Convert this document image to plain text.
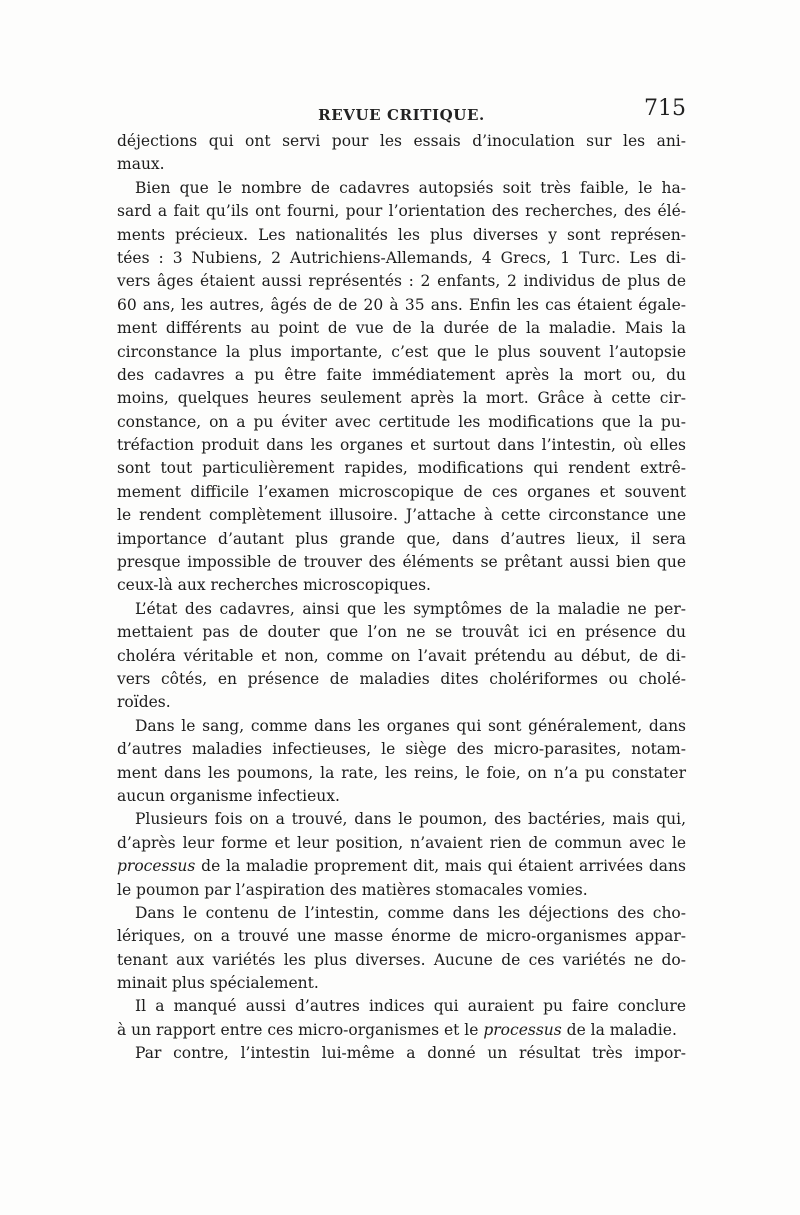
REVUE CRITIQUE.	715
déjections qui ont servi pour les essais d’inoculation sur les ani-
maux.
Bien que le nombre de cadavres autopsiés soit très faible, le ha-
sard a fait qu’ils ont fourni, pour l’orientation des recherches, des élé-
ments précieux. Les nationalités les plus diverses y sont représen-
tées : 3 Nubiens, 2 Autrichiens-Allemands, 4 Grecs, 1 Turc. Les di-
vers âges étaient aussi représentés : 2 enfants, 2 individus de plus de
60 ans, les autres, âgés de de 20 à 35 ans. Enfin les cas étaient égale-
ment différents au point de vue de la durée de la maladie. Mais la
circonstance la plus importante, c’est que le plus souvent l’autopsie
des cadavres a pu être faite immédiatement après la mort ou, du
moins, quelques heures seulement après la mort. Grâce à cette cir-
constance, on a pu éviter avec certitude les modifications que la pu-
tréfaction produit dans les organes et surtout dans l’intestin, où elles
sont tout particulièrement rapides, modifications qui rendent extrê-
mement difficile l’examen microscopique de ces organes et souvent
le rendent complètement illusoire. J’attache à cette circonstance une
importance d’autant plus grande que, dans d’autres lieux, il sera
presque impossible de trouver des éléments se prêtant aussi bien que
ceux-là aux recherches microscopiques.
L’état des cadavres, ainsi que les symptômes de la maladie ne per-
mettaient pas de douter que l’on ne se trouvât ici en présence du
choléra véritable et non, comme on l’avait prétendu au début, de di-
vers côtés, en présence de maladies dites cholériformes ou cholé-
roïdes.
Dans le sang, comme dans les organes qui sont généralement, dans
d’autres maladies infectieuses, le siège des micro-parasites, notam-
ment dans les poumons, la rate, les reins, le foie, on n’a pu constater
aucun organisme infectieux.
Plusieurs fois on a trouvé, dans le poumon, des bactéries, mais qui,
d’après leur forme et leur position, n’avaient rien de commun avec le
processus de la maladie proprement dit, mais qui étaient arrivées dans
le poumon par l’aspiration des matières stomacales vomies.
Dans le contenu de l’intestin, comme dans les déjections des cho-
lériques, on a trouvé une masse énorme de micro-organismes appar-
tenant aux variétés les plus diverses. Aucune de ces variétés ne do-
minait plus spécialement.
Il a manqué aussi d’autres indices qui auraient pu faire conclure
à un rapport entre ces micro-organismes et le processus de la maladie.
Par contre, l’intestin lui-même a donné un résultat très impor-
